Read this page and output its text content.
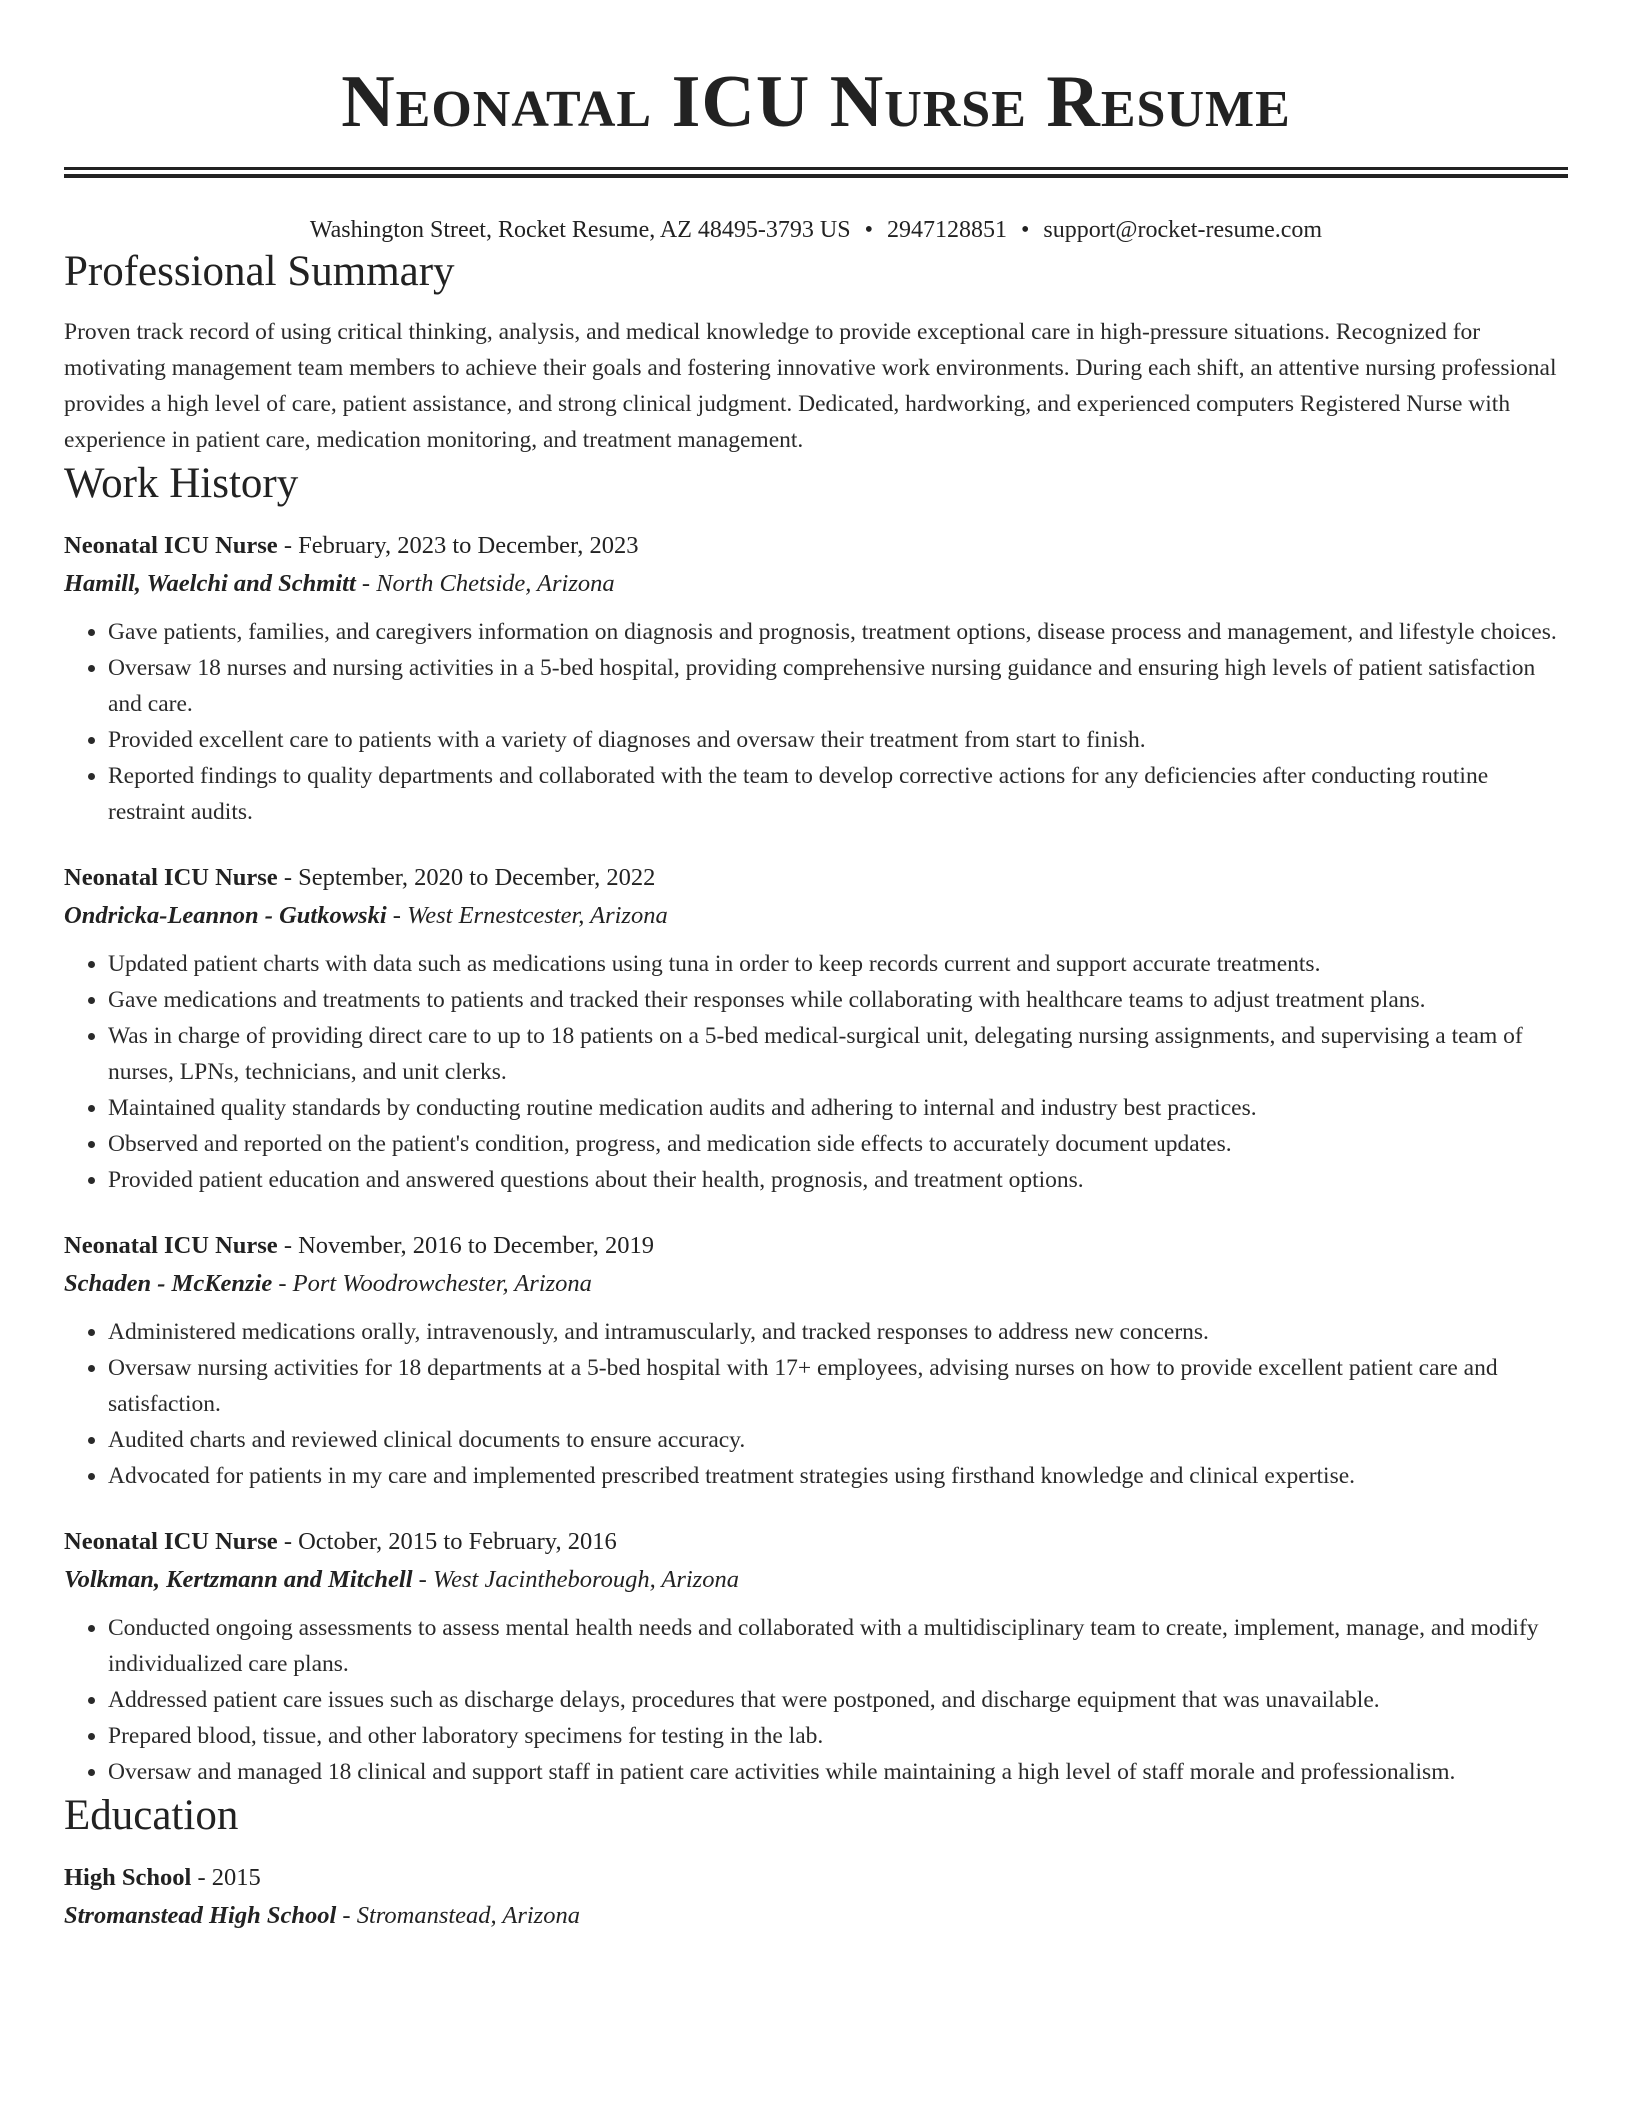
Neonatal ICU Nurse Resume
Washington Street, Rocket Resume, AZ 48495-3793 US • 2947128851 • support@rocket-resume.com
Professional Summary

Proven track record of using critical thinking, analysis, and medical knowledge to provide exceptional care in high-pressure situations. Recognized for motivating management team members to achieve their goals and fostering innovative work environments. During each shift, an attentive nursing professional provides a high level of care, patient assistance, and strong clinical judgment. Dedicated, hardworking, and experienced computers Registered Nurse with experience in patient care, medication monitoring, and treatment management.

Work History
Neonatal ICU Nurse - February, 2023 to December, 2023
Hamill, Waelchi and Schmitt - North Chetside, Arizona
• Gave patients, families, and caregivers information on diagnosis and prognosis, treatment options, disease process and management, and lifestyle choices.
• Oversaw 18 nurses and nursing activities in a 5-bed hospital, providing comprehensive nursing guidance and ensuring high levels of patient satisfaction and care.
• Provided excellent care to patients with a variety of diagnoses and oversaw their treatment from start to finish.
• Reported findings to quality departments and collaborated with the team to develop corrective actions for any deficiencies after conducting routine restraint audits.
Neonatal ICU Nurse - September, 2020 to December, 2022
Ondricka-Leannon - Gutkowski - West Ernestcester, Arizona
• Updated patient charts with data such as medications using tuna in order to keep records current and support accurate treatments.
• Gave medications and treatments to patients and tracked their responses while collaborating with healthcare teams to adjust treatment plans.
• Was in charge of providing direct care to up to 18 patients on a 5-bed medical-surgical unit, delegating nursing assignments, and supervising a team of nurses, LPNs, technicians, and unit clerks.
• Maintained quality standards by conducting routine medication audits and adhering to internal and industry best practices.
• Observed and reported on the patient's condition, progress, and medication side effects to accurately document updates.
• Provided patient education and answered questions about their health, prognosis, and treatment options.
Neonatal ICU Nurse - November, 2016 to December, 2019
Schaden - McKenzie - Port Woodrowchester, Arizona
• Administered medications orally, intravenously, and intramuscularly, and tracked responses to address new concerns.
• Oversaw nursing activities for 18 departments at a 5-bed hospital with 17+ employees, advising nurses on how to provide excellent patient care and satisfaction.
• Audited charts and reviewed clinical documents to ensure accuracy.
• Advocated for patients in my care and implemented prescribed treatment strategies using firsthand knowledge and clinical expertise.
Neonatal ICU Nurse - October, 2015 to February, 2016
Volkman, Kertzmann and Mitchell - West Jacintheborough, Arizona
• Conducted ongoing assessments to assess mental health needs and collaborated with a multidisciplinary team to create, implement, manage, and modify individualized care plans.
• Addressed patient care issues such as discharge delays, procedures that were postponed, and discharge equipment that was unavailable.
• Prepared blood, tissue, and other laboratory specimens for testing in the lab.
• Oversaw and managed 18 clinical and support staff in patient care activities while maintaining a high level of staff morale and professionalism.
Education
High School - 2015
Stromanstead High School - Stromanstead, Arizona
